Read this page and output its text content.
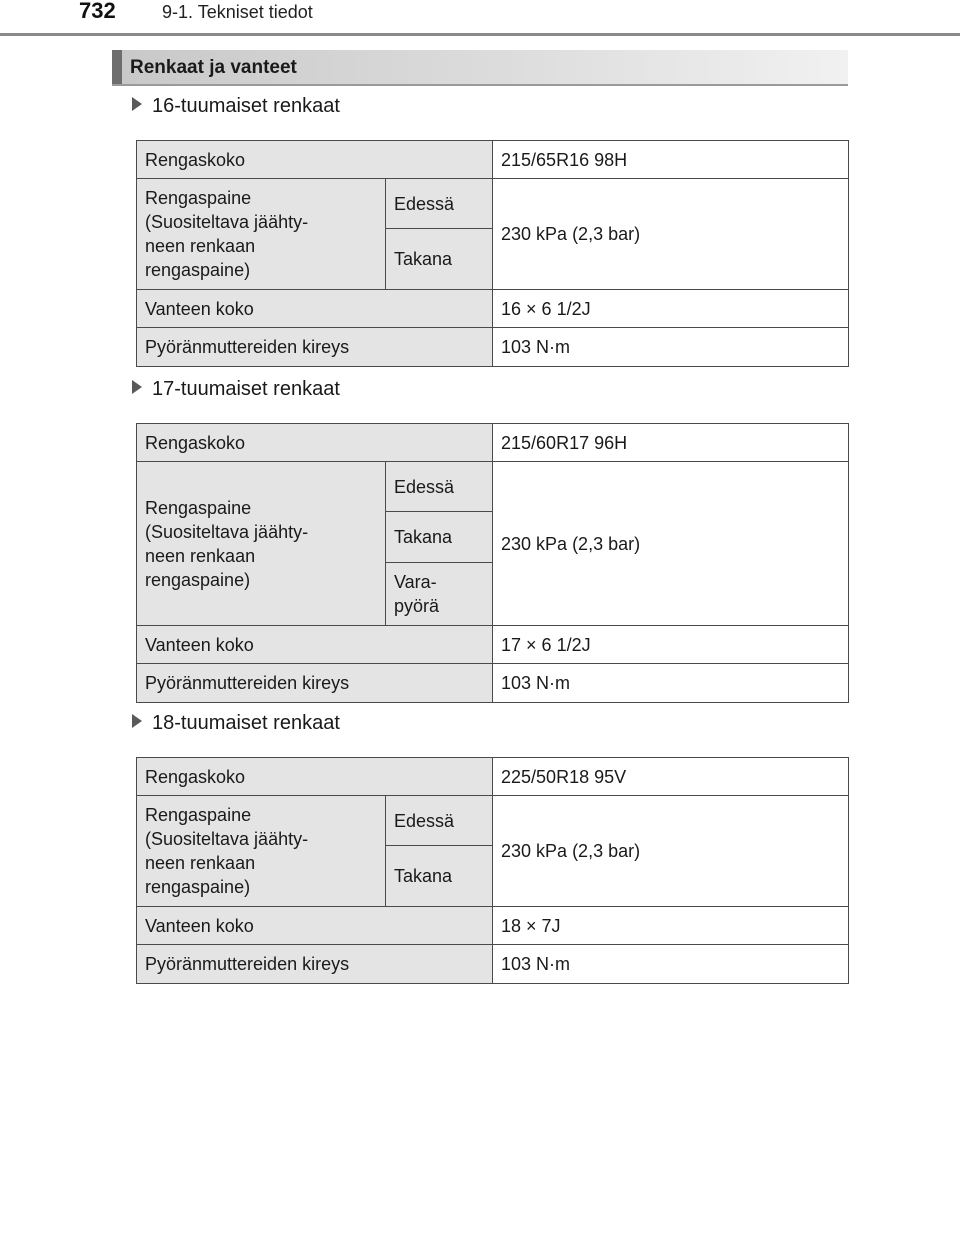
732	9-1. Tekniset tiedot
Renkaat ja vanteet
16-tuumaiset renkaat
Rengaskoko		215/65R16 98H
Rengaspaine
(Suositeltava jäähty-
neen renkaan
rengaspaine)	Edessä	230 kPa (2,3 bar)
	Takana	
Vanteen koko		16 × 6 1/2J
Pyöränmuttereiden kireys		103 N·m
17-tuumaiset renkaat
Rengaskoko		215/60R17 96H
Rengaspaine
(Suositeltava jäähty-
neen renkaan
rengaspaine)	Edessä	230 kPa (2,3 bar)
	Takana	
	Vara-
pyörä	
Vanteen koko		17 × 6 1/2J
Pyöränmuttereiden kireys		103 N·m
18-tuumaiset renkaat
Rengaskoko		225/50R18 95V
Rengaspaine
(Suositeltava jäähty-
neen renkaan
rengaspaine)	Edessä	230 kPa (2,3 bar)
	Takana	
Vanteen koko		18 × 7J
Pyöränmuttereiden kireys		103 N·m
